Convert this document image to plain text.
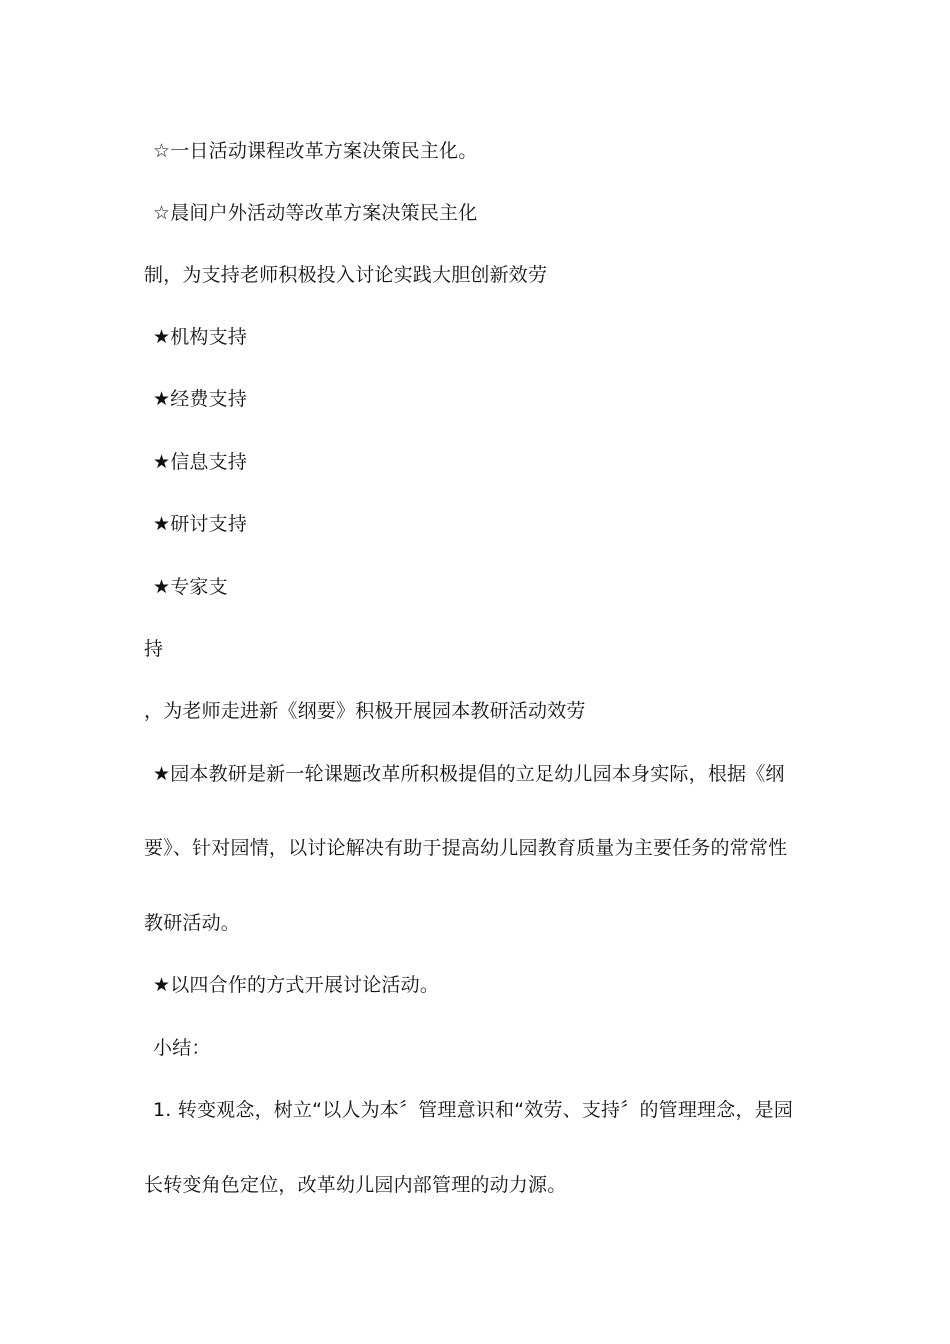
☆一日活动课程改革方案决策民主化。
☆晨间户外活动等改革方案决策民主化
制，为支持老师积极投入讨论实践大胆创新效劳
★机构支持
★经费支持
★信息支持
★研讨支持
★专家支
持
，为老师走进新《纲要》积极开展园本教研活动效劳
★园本教研是新一轮课题改革所积极提倡的立足幼儿园本身实际，根据《纲
要》、针对园情，以讨论解决有助于提高幼儿园教育质量为主要任务的常常性
教研活动。
★以四合作的方式开展讨论活动。
小结：
1. 转变观念，树立“以人为本〞管理意识和“效劳、支持〞的管理理念，是园
长转变角色定位，改革幼儿园内部管理的动力源。
